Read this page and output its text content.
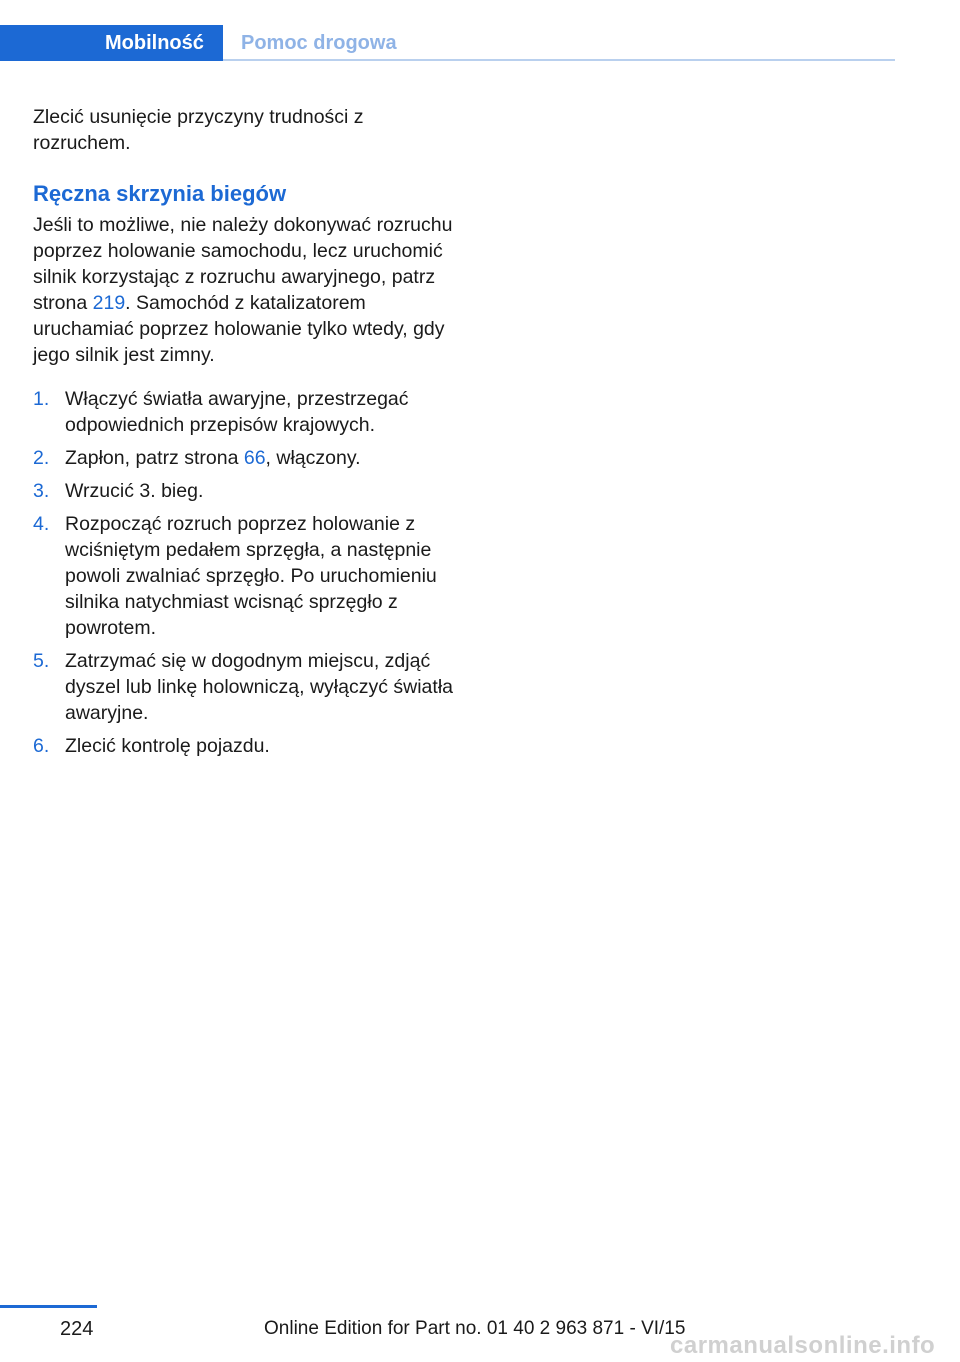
Mobilność	Pomoc drogowa

Zlecić usunięcie przyczyny trudności z rozruchem.

Ręczna skrzynia biegów

Jeśli to możliwe, nie należy dokonywać rozruchu poprzez holowanie samochodu, lecz uruchomić silnik korzystając z rozruchu awaryjnego, patrz strona 219. Samochód z katalizatorem uruchamiać poprzez holowanie tylko wtedy, gdy jego silnik jest zimny.

1. Włączyć światła awaryjne, przestrzegać odpowiednich przepisów krajowych.
2. Zapłon, patrz strona 66, włączony.
3. Wrzucić 3. bieg.
4. Rozpocząć rozruch poprzez holowanie z wciśniętym pedałem sprzęgła, a następnie powoli zwalniać sprzęgło. Po uruchomieniu silnika natychmiast wcisnąć sprzęgło z powrotem.
5. Zatrzymać się w dogodnym miejscu, zdjąć dyszel lub linkę holowniczą, wyłączyć światła awaryjne.
6. Zlecić kontrolę pojazdu.
224	Online Edition for Part no. 01 40 2 963 871 - VI/15
carmanualsonline.info
